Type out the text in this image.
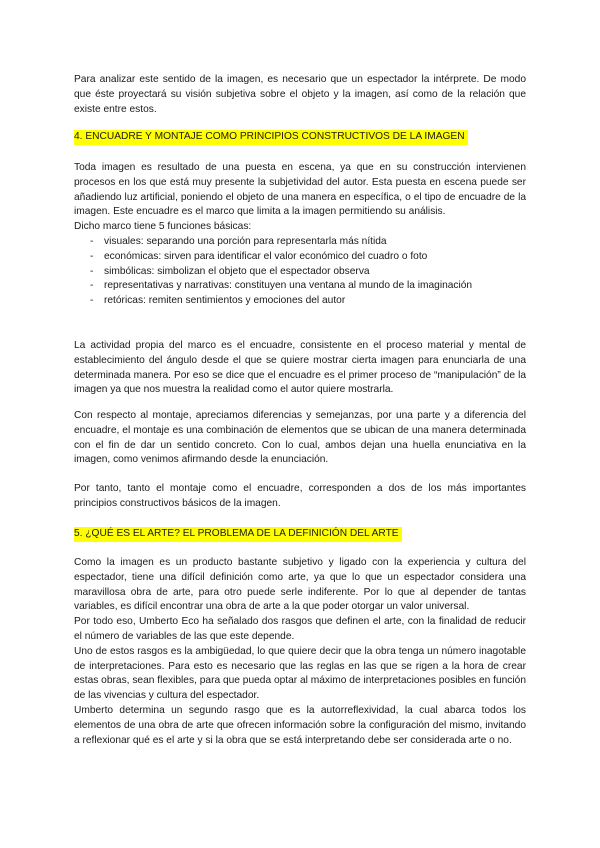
Para analizar este sentido de la imagen, es necesario que un espectador la intérprete. De modo que éste proyectará su visión subjetiva sobre el objeto y la imagen, así como de la relación que existe entre estos.

4. ENCUADRE Y MONTAJE COMO PRINCIPIOS CONSTRUCTIVOS DE LA IMAGEN

Toda imagen es resultado de una puesta en escena, ya que en su construcción intervienen procesos en los que está muy presente la subjetividad del autor. Esta puesta en escena puede ser añadiendo luz artificial, poniendo el objeto de una manera en específica, o el tipo de encuadre de la imagen. Este encuadre es el marco que limita a la imagen permitiendo su análisis.

Dicho marco tiene 5 funciones básicas:
- visuales: separando una porción para representarla más nítida
- económicas: sirven para identificar el valor económico del cuadro o foto
- simbólicas: simbolizan el objeto que el espectador observa
- representativas y narrativas: constituyen una ventana al mundo de la imaginación
- retóricas: remiten sentimientos y emociones del autor

La actividad propia del marco es el encuadre, consistente en el proceso material y mental de establecimiento del ángulo desde el que se quiere mostrar cierta imagen para enunciarla de una determinada manera. Por eso se dice que el encuadre es el primer proceso de “manipulación” de la imagen ya que nos muestra la realidad como el autor quiere mostrarla.

Con respecto al montaje, apreciamos diferencias y semejanzas, por una parte y a diferencia del encuadre, el montaje es una combinación de elementos que se ubican de una manera determinada con el fin de dar un sentido concreto. Con lo cual, ambos dejan una huella enunciativa en la imagen, como venimos afirmando desde la enunciación.

Por tanto, tanto el montaje como el encuadre, corresponden a dos de los más importantes principios constructivos básicos de la imagen.

5. ¿QUÉ ES EL ARTE? EL PROBLEMA DE LA DEFINICIÓN DEL ARTE

Como la imagen es un producto bastante subjetivo y ligado con la experiencia y cultura del espectador, tiene una difícil definición como arte, ya que lo que un espectador considera una maravillosa obra de arte, para otro puede serle indiferente. Por lo que al depender de tantas variables, es difícil encontrar una obra de arte a la que poder otorgar un valor universal.

Por todo eso, Umberto Eco ha señalado dos rasgos que definen el arte, con la finalidad de reducir el número de variables de las que este depende.

Uno de estos rasgos es la ambigüedad, lo que quiere decir que la obra tenga un número inagotable de interpretaciones. Para esto es necesario que las reglas en las que se rigen a la hora de crear estas obras, sean flexibles, para que pueda optar al máximo de interpretaciones posibles en función de las vivencias y cultura del espectador.

Umberto determina un segundo rasgo que es la autorreflexividad, la cual abarca todos los elementos de una obra de arte que ofrecen información sobre la configuración del mismo, invitando a reflexionar qué es el arte y si la obra que se está interpretando debe ser considerada arte o no.
